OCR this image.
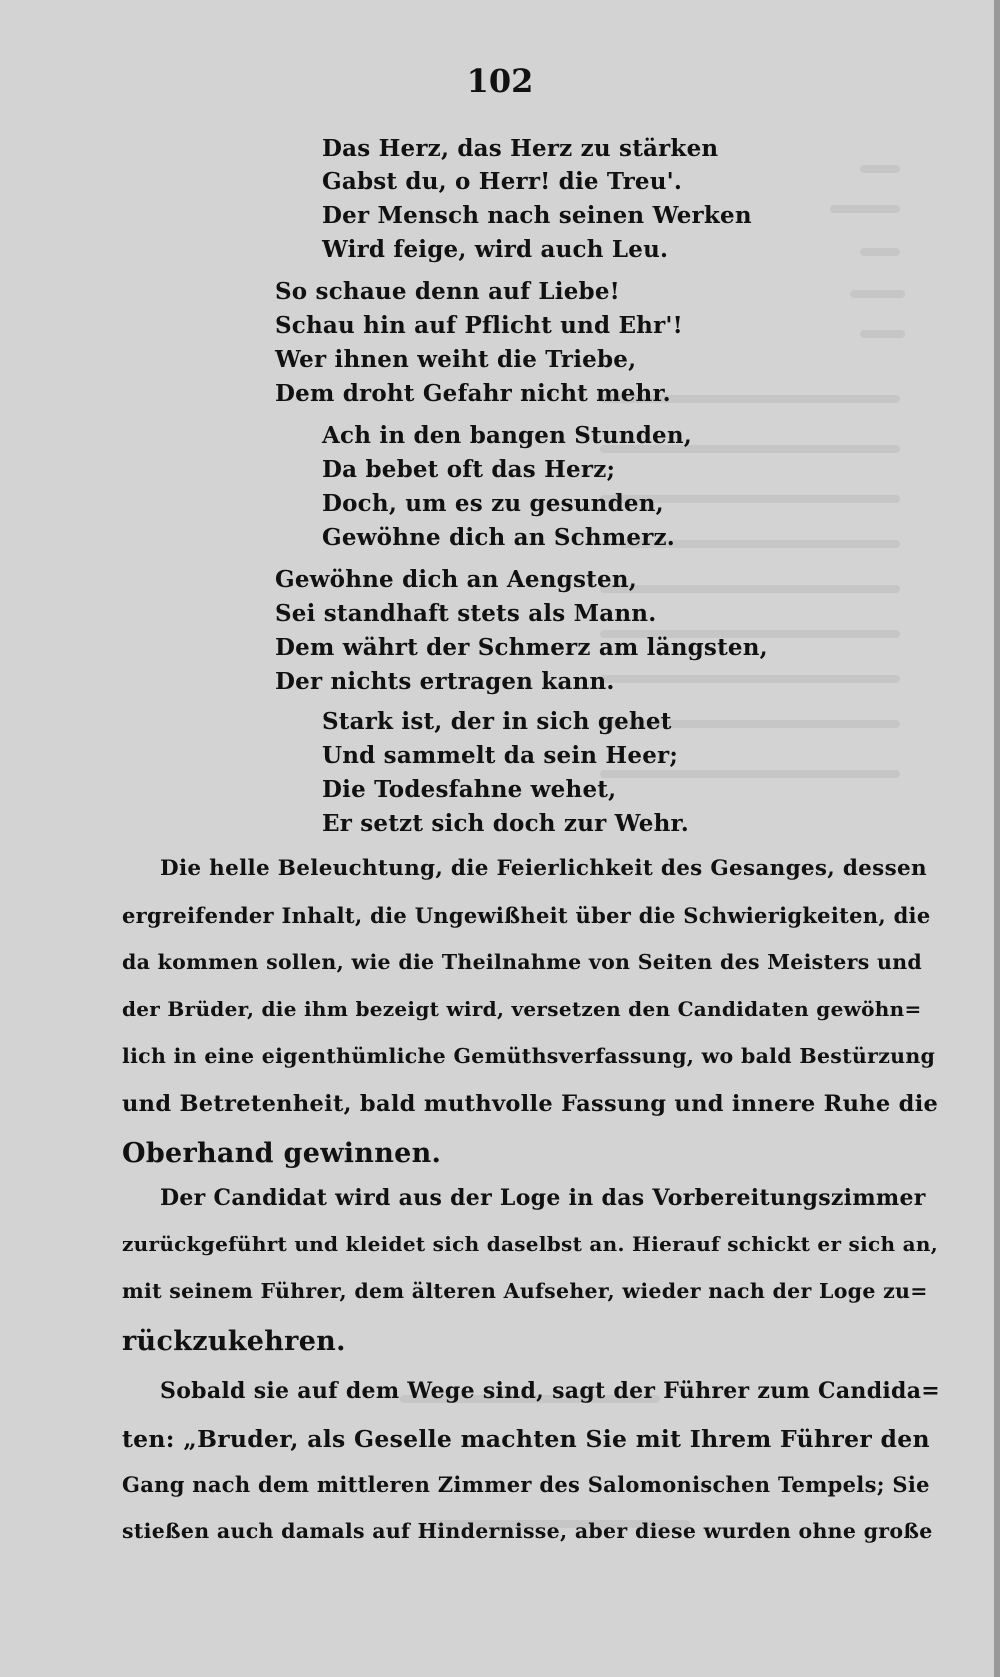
102
Das Herz, das Herz zu stärken
Gabst du, o Herr! die Treu'.
Der Mensch nach seinen Werken
Wird feige, wird auch Leu.
So schaue denn auf Liebe!
Schau hin auf Pflicht und Ehr'!
Wer ihnen weiht die Triebe,
Dem droht Gefahr nicht mehr.
Ach in den bangen Stunden,
Da bebet oft das Herz;
Doch, um es zu gesunden,
Gewöhne dich an Schmerz.
Gewöhne dich an Aengsten,
Sei standhaft stets als Mann.
Dem währt der Schmerz am längsten,
Der nichts ertragen kann.
Stark ist, der in sich gehet
Und sammelt da sein Heer;
Die Todesfahne wehet,
Er setzt sich doch zur Wehr.
Die helle Beleuchtung, die Feierlichkeit des Gesanges, dessen
ergreifender Inhalt, die Ungewißheit über die Schwierigkeiten, die
da kommen sollen, wie die Theilnahme von Seiten des Meisters und
der Brüder, die ihm bezeigt wird, versetzen den Candidaten gewöhn=
lich in eine eigenthümliche Gemüthsverfassung, wo bald Bestürzung
und Betretenheit, bald muthvolle Fassung und innere Ruhe die
Oberhand gewinnen.
Der Candidat wird aus der Loge in das Vorbereitungszimmer
zurückgeführt und kleidet sich daselbst an. Hierauf schickt er sich an,
mit seinem Führer, dem älteren Aufseher, wieder nach der Loge zu=
rückzukehren.
Sobald sie auf dem Wege sind, sagt der Führer zum Candida=
ten: „Bruder, als Geselle machten Sie mit Ihrem Führer den
Gang nach dem mittleren Zimmer des Salomonischen Tempels; Sie
stießen auch damals auf Hindernisse, aber diese wurden ohne große
